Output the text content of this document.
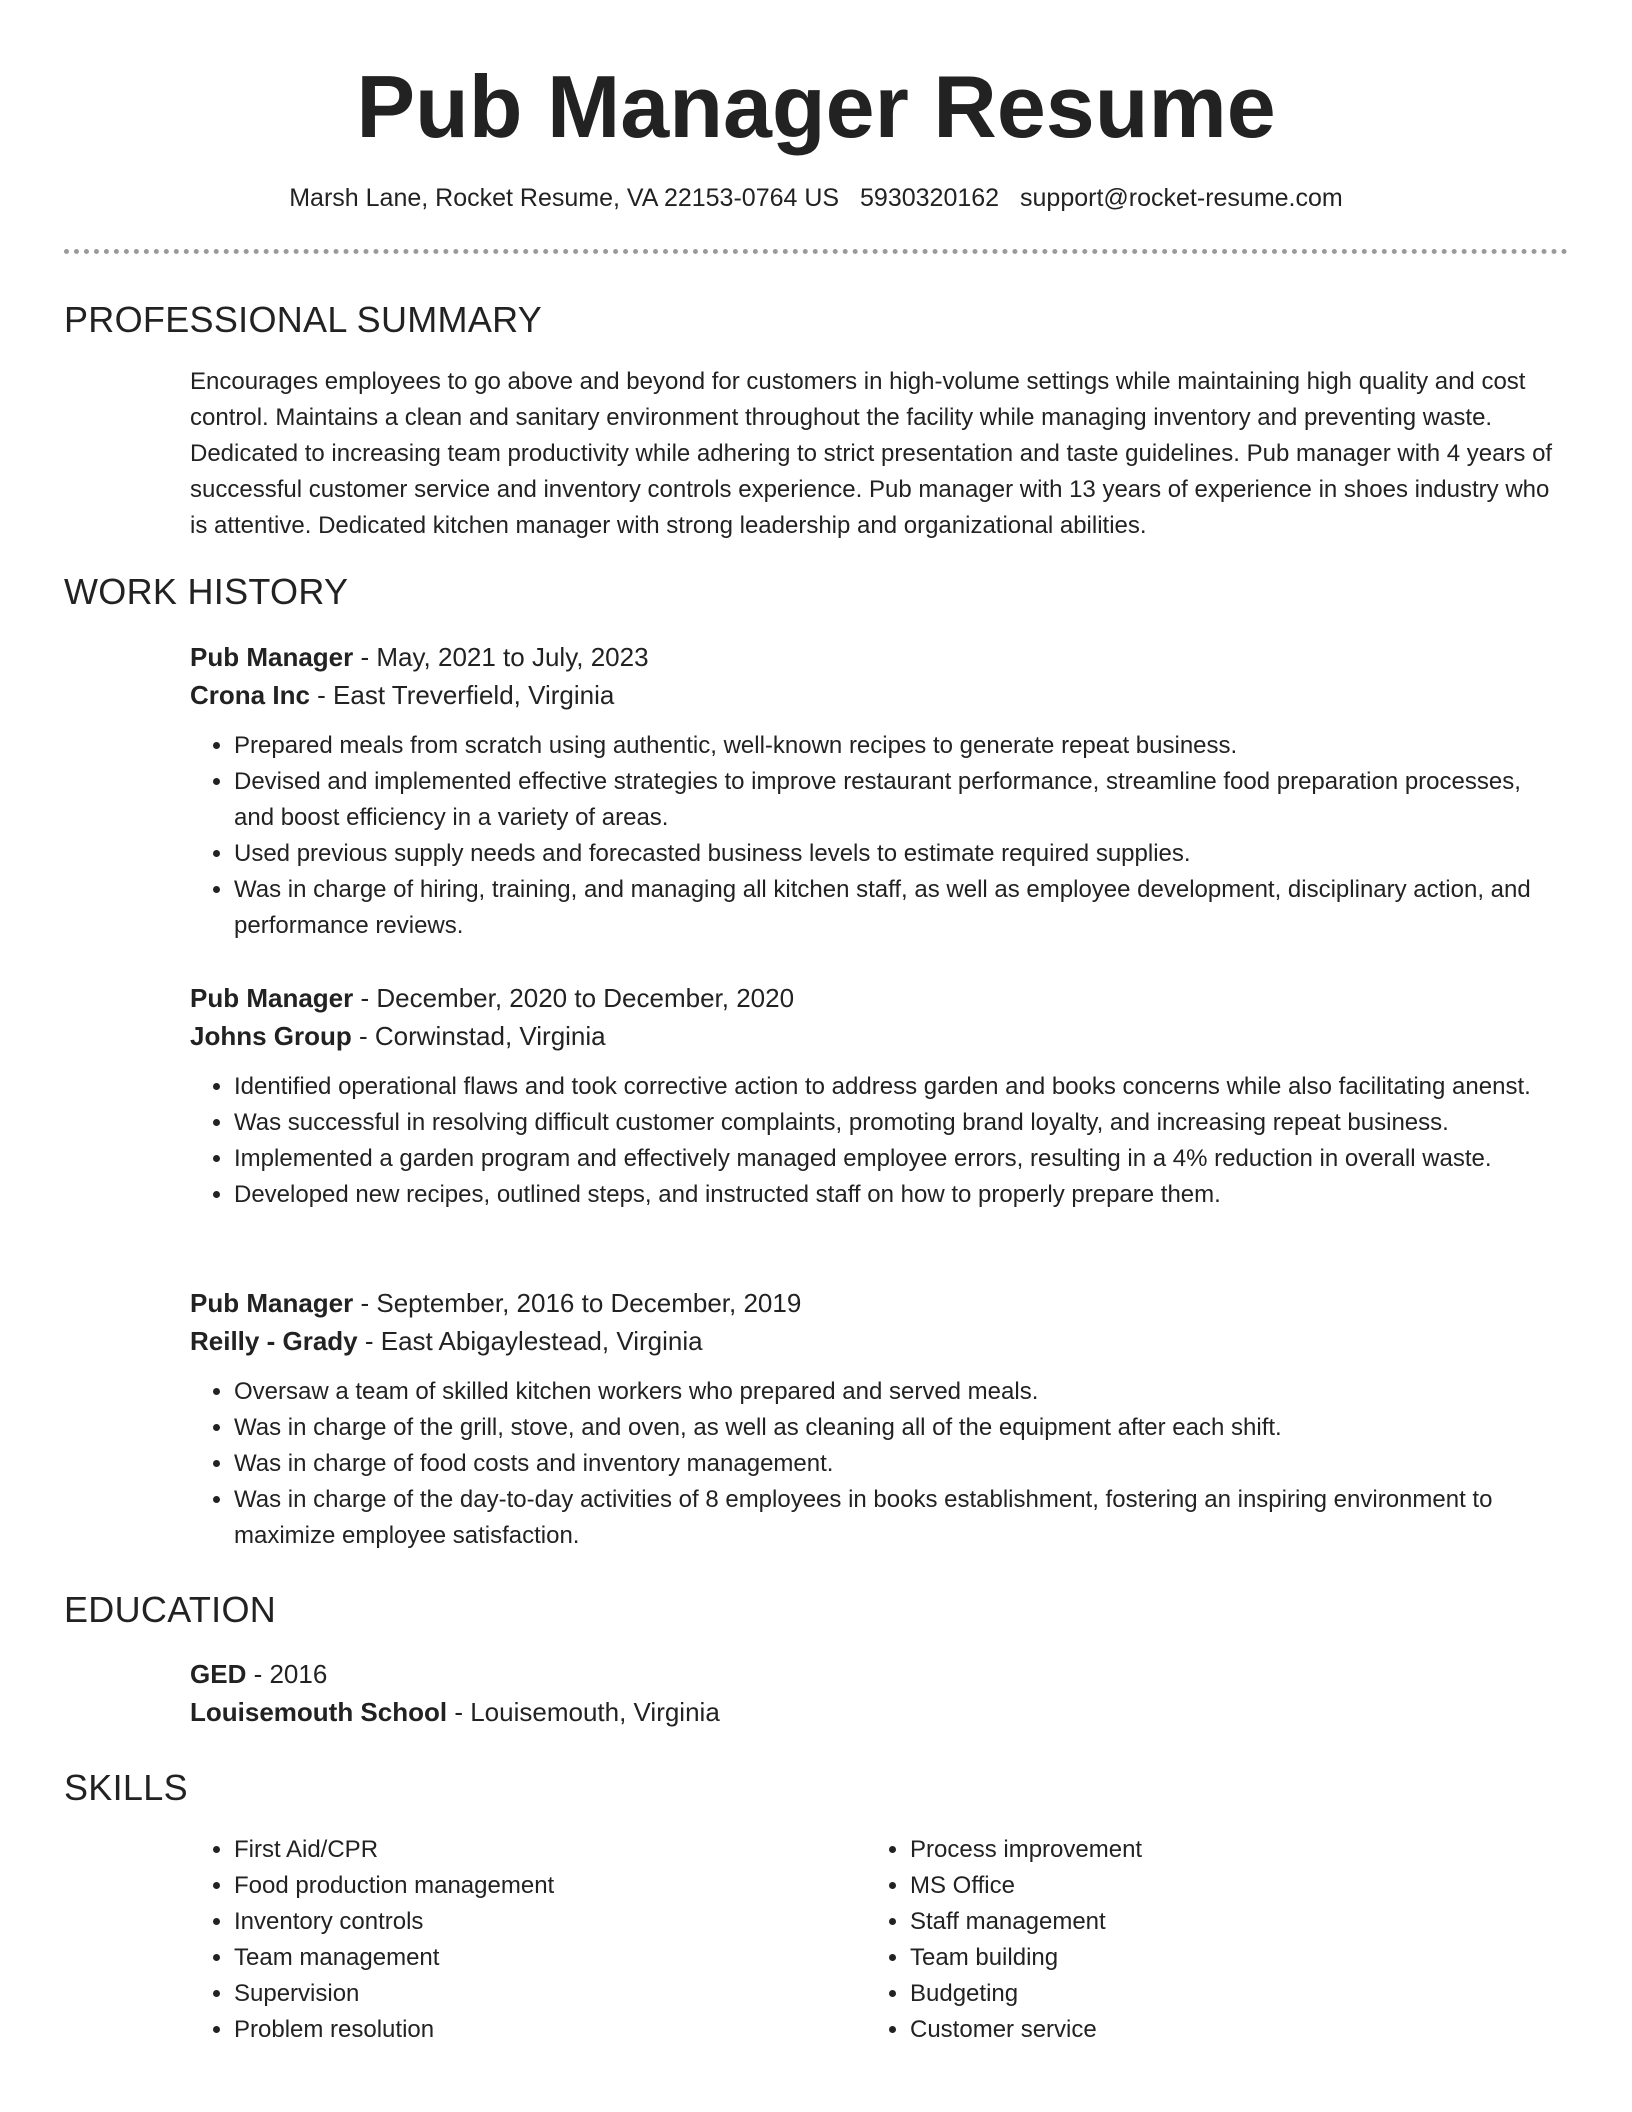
Pub Manager Resume
Marsh Lane, Rocket Resume, VA 22153-0764 US 5930320162 support@rocket-resume.com
PROFESSIONAL SUMMARY

Encourages employees to go above and beyond for customers in high-volume settings while maintaining high quality and cost control. Maintains a clean and sanitary environment throughout the facility while managing inventory and preventing waste. Dedicated to increasing team productivity while adhering to strict presentation and taste guidelines. Pub manager with 4 years of successful customer service and inventory controls experience. Pub manager with 13 years of experience in shoes industry who is attentive. Dedicated kitchen manager with strong leadership and organizational abilities.

WORK HISTORY

Pub Manager - May, 2021 to July, 2023

Crona Inc - East Treverfield, Virginia

• Prepared meals from scratch using authentic, well-known recipes to generate repeat business.
• Devised and implemented effective strategies to improve restaurant performance, streamline food preparation processes, and boost efficiency in a variety of areas.
• Used previous supply needs and forecasted business levels to estimate required supplies.
• Was in charge of hiring, training, and managing all kitchen staff, as well as employee development, disciplinary action, and performance reviews.

Pub Manager - December, 2020 to December, 2020

Johns Group - Corwinstad, Virginia

• Identified operational flaws and took corrective action to address garden and books concerns while also facilitating anenst.
• Was successful in resolving difficult customer complaints, promoting brand loyalty, and increasing repeat business.
• Implemented a garden program and effectively managed employee errors, resulting in a 4% reduction in overall waste.
• Developed new recipes, outlined steps, and instructed staff on how to properly prepare them.

Pub Manager - September, 2016 to December, 2019

Reilly - Grady - East Abigaylestead, Virginia

• Oversaw a team of skilled kitchen workers who prepared and served meals.
• Was in charge of the grill, stove, and oven, as well as cleaning all of the equipment after each shift.
• Was in charge of food costs and inventory management.
• Was in charge of the day-to-day activities of 8 employees in books establishment, fostering an inspiring environment to maximize employee satisfaction.
EDUCATION

GED - 2016

Louisemouth School - Louisemouth, Virginia

SKILLS
• First Aid/CPR
• Food production management
• Inventory controls
• Team management
• Supervision
• Problem resolution
• Process improvement
• MS Office
• Staff management
• Team building
• Budgeting
• Customer service
